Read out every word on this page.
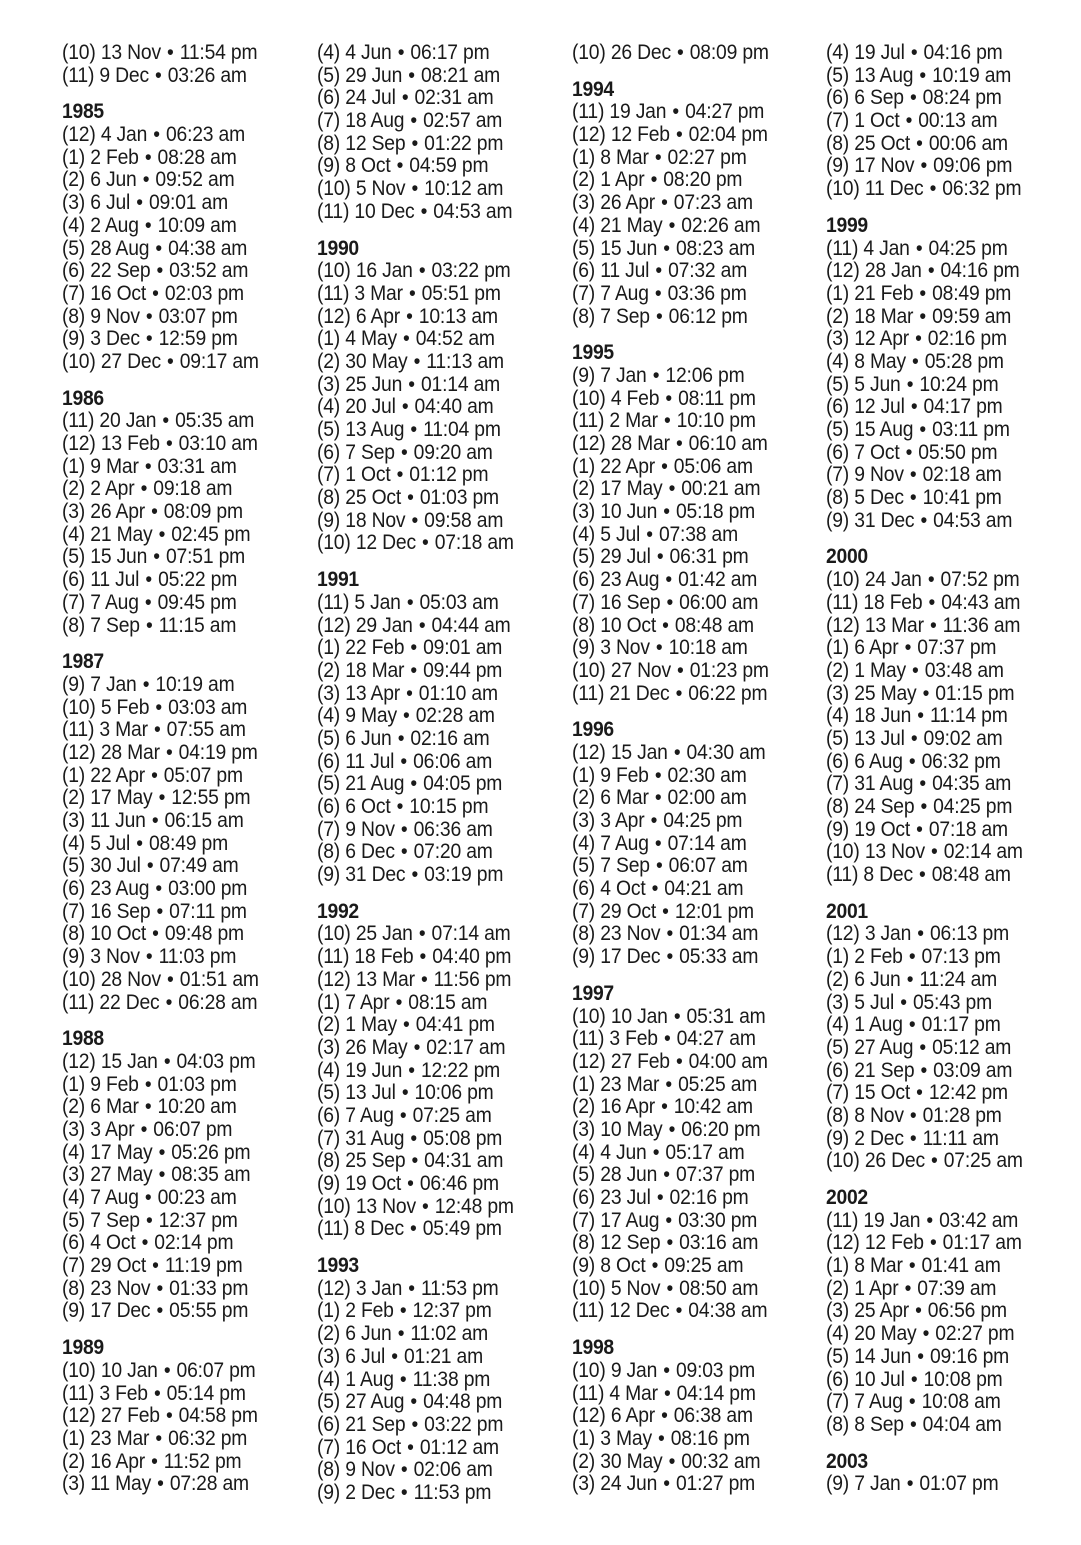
(10) 13 Nov • 11:54 pm
(11) 9 Dec • 03:26 am
1985
(12) 4 Jan • 06:23 am
(1) 2 Feb • 08:28 am
(2) 6 Jun • 09:52 am
(3) 6 Jul • 09:01 am
(4) 2 Aug • 10:09 am
(5) 28 Aug • 04:38 am
(6) 22 Sep • 03:52 am
(7) 16 Oct • 02:03 pm
(8) 9 Nov • 03:07 pm
(9) 3 Dec • 12:59 pm
(10) 27 Dec • 09:17 am
1986
(11) 20 Jan • 05:35 am
(12) 13 Feb • 03:10 am
(1) 9 Mar • 03:31 am
(2) 2 Apr • 09:18 am
(3) 26 Apr • 08:09 pm
(4) 21 May • 02:45 pm
(5) 15 Jun • 07:51 pm
(6) 11 Jul • 05:22 pm
(7) 7 Aug • 09:45 pm
(8) 7 Sep • 11:15 am
1987
(9) 7 Jan • 10:19 am
(10) 5 Feb • 03:03 am
(11) 3 Mar • 07:55 am
(12) 28 Mar • 04:19 pm
(1) 22 Apr • 05:07 pm
(2) 17 May • 12:55 pm
(3) 11 Jun • 06:15 am
(4) 5 Jul • 08:49 pm
(5) 30 Jul • 07:49 am
(6) 23 Aug • 03:00 pm
(7) 16 Sep • 07:11 pm
(8) 10 Oct • 09:48 pm
(9) 3 Nov • 11:03 pm
(10) 28 Nov • 01:51 am
(11) 22 Dec • 06:28 am
1988
(12) 15 Jan • 04:03 pm
(1) 9 Feb • 01:03 pm
(2) 6 Mar • 10:20 am
(3) 3 Apr • 06:07 pm
(4) 17 May • 05:26 pm
(3) 27 May • 08:35 am
(4) 7 Aug • 00:23 am
(5) 7 Sep • 12:37 pm
(6) 4 Oct • 02:14 pm
(7) 29 Oct • 11:19 pm
(8) 23 Nov • 01:33 pm
(9) 17 Dec • 05:55 pm
1989
(10) 10 Jan • 06:07 pm
(11) 3 Feb • 05:14 pm
(12) 27 Feb • 04:58 pm
(1) 23 Mar • 06:32 pm
(2) 16 Apr • 11:52 pm
(3) 11 May • 07:28 am
(4) 4 Jun • 06:17 pm
(5) 29 Jun • 08:21 am
(6) 24 Jul • 02:31 am
(7) 18 Aug • 02:57 am
(8) 12 Sep • 01:22 pm
(9) 8 Oct • 04:59 pm
(10) 5 Nov • 10:12 am
(11) 10 Dec • 04:53 am
1990
(10) 16 Jan • 03:22 pm
(11) 3 Mar • 05:51 pm
(12) 6 Apr • 10:13 am
(1) 4 May • 04:52 am
(2) 30 May • 11:13 am
(3) 25 Jun • 01:14 am
(4) 20 Jul • 04:40 am
(5) 13 Aug • 11:04 pm
(6) 7 Sep • 09:20 am
(7) 1 Oct • 01:12 pm
(8) 25 Oct • 01:03 pm
(9) 18 Nov • 09:58 am
(10) 12 Dec • 07:18 am
1991
(11) 5 Jan • 05:03 am
(12) 29 Jan • 04:44 am
(1) 22 Feb • 09:01 am
(2) 18 Mar • 09:44 pm
(3) 13 Apr • 01:10 am
(4) 9 May • 02:28 am
(5) 6 Jun • 02:16 am
(6) 11 Jul • 06:06 am
(5) 21 Aug • 04:05 pm
(6) 6 Oct • 10:15 pm
(7) 9 Nov • 06:36 am
(8) 6 Dec • 07:20 am
(9) 31 Dec • 03:19 pm
1992
(10) 25 Jan • 07:14 am
(11) 18 Feb • 04:40 pm
(12) 13 Mar • 11:56 pm
(1) 7 Apr • 08:15 am
(2) 1 May • 04:41 pm
(3) 26 May • 02:17 am
(4) 19 Jun • 12:22 pm
(5) 13 Jul • 10:06 pm
(6) 7 Aug • 07:25 am
(7) 31 Aug • 05:08 pm
(8) 25 Sep • 04:31 am
(9) 19 Oct • 06:46 pm
(10) 13 Nov • 12:48 pm
(11) 8 Dec • 05:49 pm
1993
(12) 3 Jan • 11:53 pm
(1) 2 Feb • 12:37 pm
(2) 6 Jun • 11:02 am
(3) 6 Jul • 01:21 am
(4) 1 Aug • 11:38 pm
(5) 27 Aug • 04:48 pm
(6) 21 Sep • 03:22 pm
(7) 16 Oct • 01:12 am
(8) 9 Nov • 02:06 am
(9) 2 Dec • 11:53 pm
(10) 26 Dec • 08:09 pm
1994
(11) 19 Jan • 04:27 pm
(12) 12 Feb • 02:04 pm
(1) 8 Mar • 02:27 pm
(2) 1 Apr • 08:20 pm
(3) 26 Apr • 07:23 am
(4) 21 May • 02:26 am
(5) 15 Jun • 08:23 am
(6) 11 Jul • 07:32 am
(7) 7 Aug • 03:36 pm
(8) 7 Sep • 06:12 pm
1995
(9) 7 Jan • 12:06 pm
(10) 4 Feb • 08:11 pm
(11) 2 Mar • 10:10 pm
(12) 28 Mar • 06:10 am
(1) 22 Apr • 05:06 am
(2) 17 May • 00:21 am
(3) 10 Jun • 05:18 pm
(4) 5 Jul • 07:38 am
(5) 29 Jul • 06:31 pm
(6) 23 Aug • 01:42 am
(7) 16 Sep • 06:00 am
(8) 10 Oct • 08:48 am
(9) 3 Nov • 10:18 am
(10) 27 Nov • 01:23 pm
(11) 21 Dec • 06:22 pm
1996
(12) 15 Jan • 04:30 am
(1) 9 Feb • 02:30 am
(2) 6 Mar • 02:00 am
(3) 3 Apr • 04:25 pm
(4) 7 Aug • 07:14 am
(5) 7 Sep • 06:07 am
(6) 4 Oct • 04:21 am
(7) 29 Oct • 12:01 pm
(8) 23 Nov • 01:34 am
(9) 17 Dec • 05:33 am
1997
(10) 10 Jan • 05:31 am
(11) 3 Feb • 04:27 am
(12) 27 Feb • 04:00 am
(1) 23 Mar • 05:25 am
(2) 16 Apr • 10:42 am
(3) 10 May • 06:20 pm
(4) 4 Jun • 05:17 am
(5) 28 Jun • 07:37 pm
(6) 23 Jul • 02:16 pm
(7) 17 Aug • 03:30 pm
(8) 12 Sep • 03:16 am
(9) 8 Oct • 09:25 am
(10) 5 Nov • 08:50 am
(11) 12 Dec • 04:38 am
1998
(10) 9 Jan • 09:03 pm
(11) 4 Mar • 04:14 pm
(12) 6 Apr • 06:38 am
(1) 3 May • 08:16 pm
(2) 30 May • 00:32 am
(3) 24 Jun • 01:27 pm
(4) 19 Jul • 04:16 pm
(5) 13 Aug • 10:19 am
(6) 6 Sep • 08:24 pm
(7) 1 Oct • 00:13 am
(8) 25 Oct • 00:06 am
(9) 17 Nov • 09:06 pm
(10) 11 Dec • 06:32 pm
1999
(11) 4 Jan • 04:25 pm
(12) 28 Jan • 04:16 pm
(1) 21 Feb • 08:49 pm
(2) 18 Mar • 09:59 am
(3) 12 Apr • 02:16 pm
(4) 8 May • 05:28 pm
(5) 5 Jun • 10:24 pm
(6) 12 Jul • 04:17 pm
(5) 15 Aug • 03:11 pm
(6) 7 Oct • 05:50 pm
(7) 9 Nov • 02:18 am
(8) 5 Dec • 10:41 pm
(9) 31 Dec • 04:53 am
2000
(10) 24 Jan • 07:52 pm
(11) 18 Feb • 04:43 am
(12) 13 Mar • 11:36 am
(1) 6 Apr • 07:37 pm
(2) 1 May • 03:48 am
(3) 25 May • 01:15 pm
(4) 18 Jun • 11:14 pm
(5) 13 Jul • 09:02 am
(6) 6 Aug • 06:32 pm
(7) 31 Aug • 04:35 am
(8) 24 Sep • 04:25 pm
(9) 19 Oct • 07:18 am
(10) 13 Nov • 02:14 am
(11) 8 Dec • 08:48 am
2001
(12) 3 Jan • 06:13 pm
(1) 2 Feb • 07:13 pm
(2) 6 Jun • 11:24 am
(3) 5 Jul • 05:43 pm
(4) 1 Aug • 01:17 pm
(5) 27 Aug • 05:12 am
(6) 21 Sep • 03:09 am
(7) 15 Oct • 12:42 pm
(8) 8 Nov • 01:28 pm
(9) 2 Dec • 11:11 am
(10) 26 Dec • 07:25 am
2002
(11) 19 Jan • 03:42 am
(12) 12 Feb • 01:17 am
(1) 8 Mar • 01:41 am
(2) 1 Apr • 07:39 am
(3) 25 Apr • 06:56 pm
(4) 20 May • 02:27 pm
(5) 14 Jun • 09:16 pm
(6) 10 Jul • 10:08 pm
(7) 7 Aug • 10:08 am
(8) 8 Sep • 04:04 am
2003
(9) 7 Jan • 01:07 pm
